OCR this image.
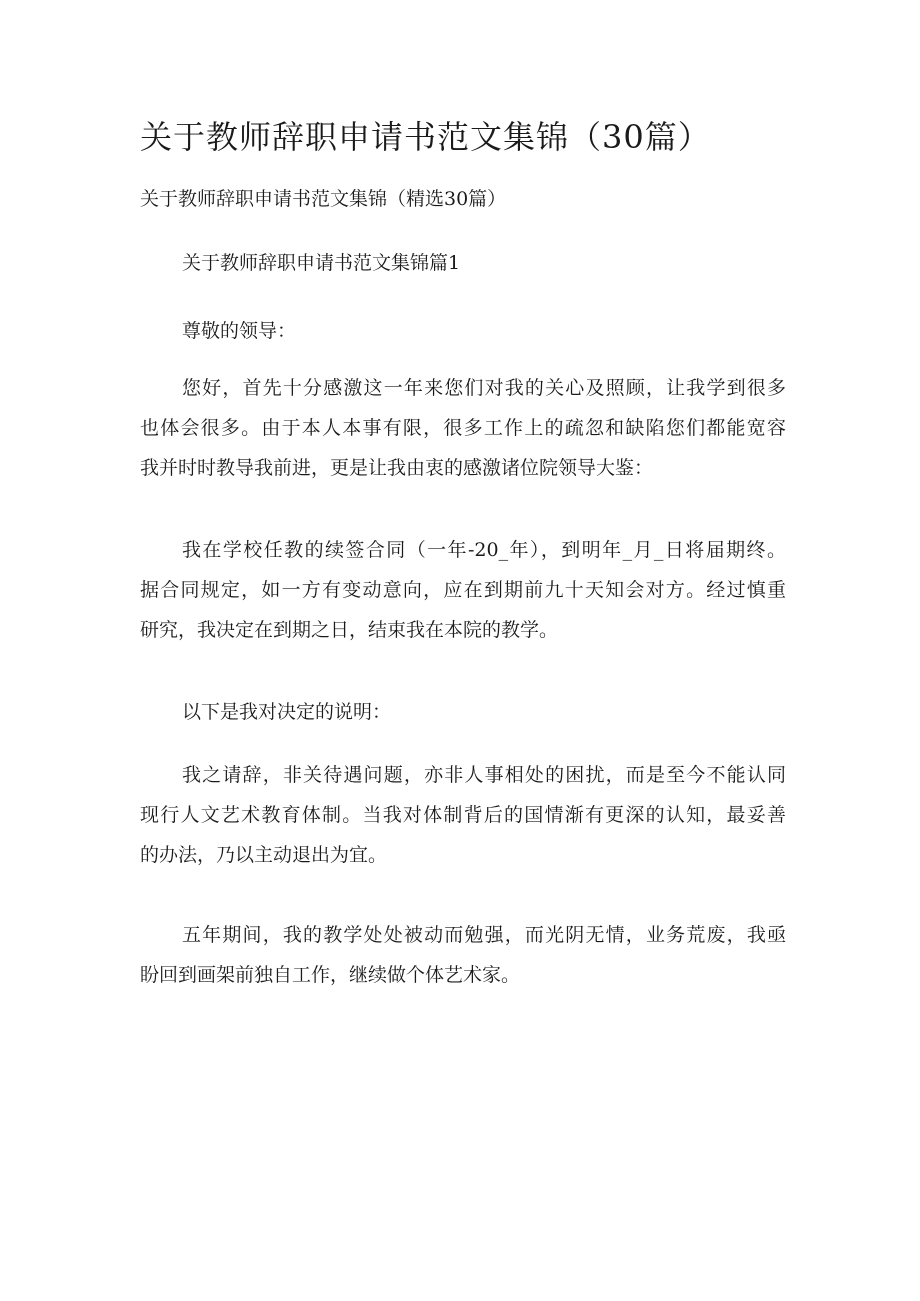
关于教师辞职申请书范文集锦（30篇）

关于教师辞职申请书范文集锦（精选30篇）

关于教师辞职申请书范文集锦篇1

尊敬的领导：

您好，首先十分感激这一年来您们对我的关心及照顾，让我学到很多
也体会很多。由于本人本事有限，很多工作上的疏忽和缺陷您们都能宽容
我并时时教导我前进，更是让我由衷的感激诸位院领导大鉴：
我在学校任教的续签合同（一年-20_年），到明年_月_日将届期终。
据合同规定，如一方有变动意向，应在到期前九十天知会对方。经过慎重
研究，我决定在到期之日，结束我在本院的教学。

以下是我对决定的说明：

我之请辞，非关待遇问题，亦非人事相处的困扰，而是至今不能认同
现行人文艺术教育体制。当我对体制背后的国情渐有更深的认知，最妥善
的办法，乃以主动退出为宜。
五年期间，我的教学处处被动而勉强，而光阴无情，业务荒废，我亟
盼回到画架前独自工作，继续做个体艺术家。
